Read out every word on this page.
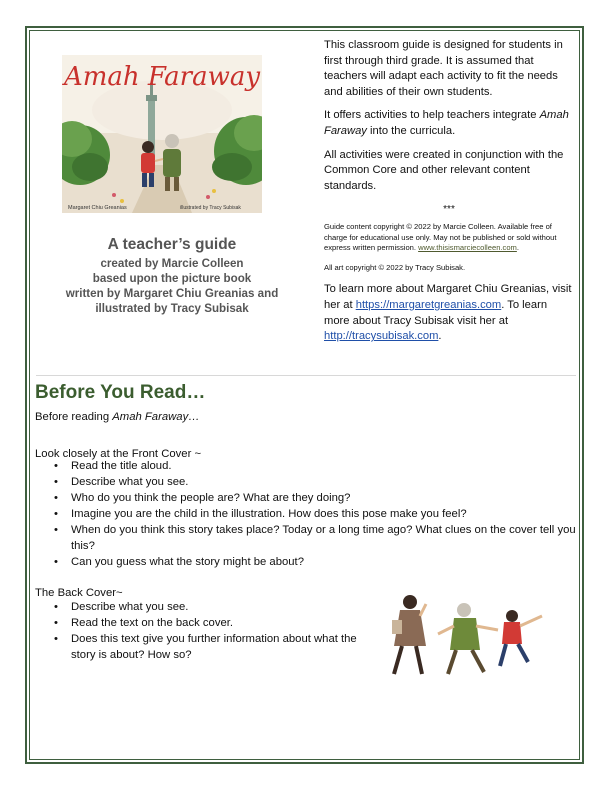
Amah Faraway
Margaret Chiu Greanias	illustrated by Tracy Subisak
A teacher’s guide
created by Marcie Colleen
based upon the picture book
written by Margaret Chiu Greanias and
illustrated by Tracy Subisak

This classroom guide is designed for students in first through third grade. It is assumed that teachers will adapt each activity to fit the needs and abilities of their own students.

It offers activities to help teachers integrate Amah Faraway into the curricula.

All activities were created in conjunction with the Common Core and other relevant content standards.

***

Guide content copyright © 2022 by Marcie Colleen. Available free of charge for educational use only. May not be published or sold without express written permission. www.thisismarciecolleen.com.

All art copyright © 2022 by Tracy Subisak.

To learn more about Margaret Chiu Greanias, visit her at https://margaretgreanias.com. To learn more about Tracy Subisak visit her at http://tracysubisak.com.

Before You Read…
Before reading Amah Faraway…
Look closely at the Front Cover ~
• Read the title aloud.
• Describe what you see.
• Who do you think the people are? What are they doing?
• Imagine you are the child in the illustration. How does this pose make you feel?
• When do you think this story takes place? Today or a long time ago? What clues on the cover tell you this?
• Can you guess what the story might be about?
The Back Cover~
• Describe what you see.
• Read the text on the back cover.
• Does this text give you further information about what the story is about? How so?
